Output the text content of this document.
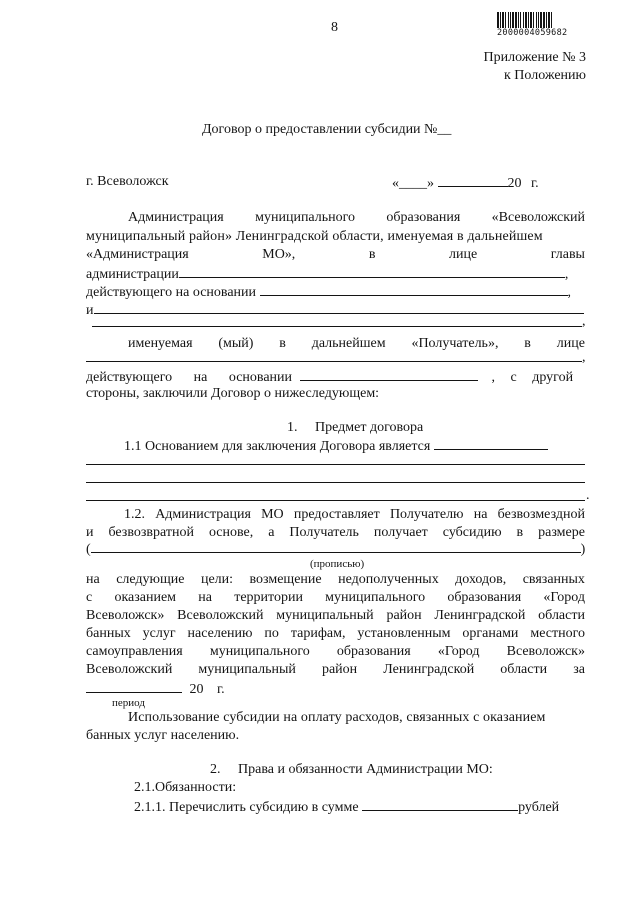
8	2000004059682
Приложение № 3
к Положению
Договор о предоставлении субсидии №__
г. Всеволожск	«____»	20 г.
Администрация муниципального образования «Всеволожский
муниципальный район» Ленинградской области, именуемая в дальнейшем
«Администрация	МО»,	в	лице	главы
администрации	,
действующего на основании	,
и
,
именуемая (мый) в дальнейшем «Получатель», в лице
,
действующего на основании	, с другой
стороны, заключили Договор о нижеследующем:
1. Предмет договора
1.1 Основанием для заключения Договора является
.
1.2. Администрация МО предоставляет Получателю на безвозмездной
и безвозвратной основе, а Получатель получает субсидию в размере
(	)
(прописью)
на следующие цели: возмещение недополученных доходов, связанных
с оказанием на территории муниципального образования «Город
Всеволожск» Всеволожский муниципальный район Ленинградской области
банных услуг населению по тарифам, установленным органами местного
самоуправления муниципального образования «Город Всеволожск»
Всеволожский муниципальный район Ленинградской области за
20 г.
период
Использование субсидии на оплату расходов, связанных с оказанием
банных услуг населению.
2. Права и обязанности Администрации МО:
2.1.Обязанности:
2.1.1. Перечислить субсидию в сумме	рублей
